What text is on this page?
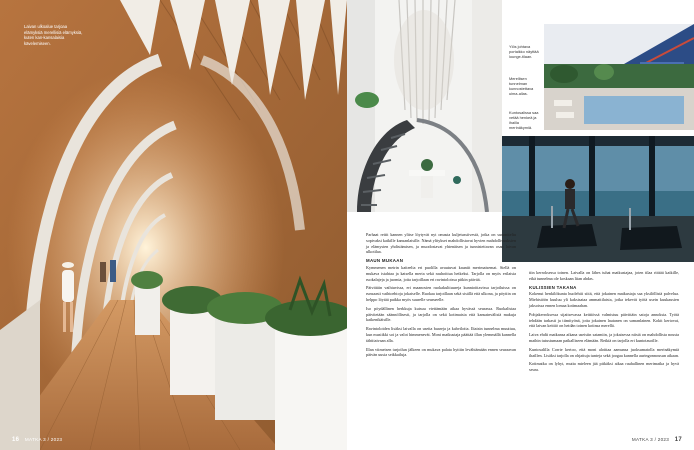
Laivan ulkoalue tarjoaa elämyksiä merellisiä elämyksiä, kuten kan-kansalaisia kävelemiseen.
16 MATKA 3 / 2023
Ylös johtava portaikko näyttää lounge-tilaan.
Merellisen tunnelman kunnostettava uima-allas.
Kuntosalissa saa vetää henkeä ja ihailla merinäkymiä.

Parhaat reitit kannen ylitse löytyvät nyt omasta kuljetussiivestä, jotka on suunniteltu sopivaksi kaikille kansanlaisille. Nämä ylitykset mahdollistavat hyvien mahdollisuuksien ja elämysten yhdistämisen, ja muodostavat yhtenäisen ja tunnistettavan osan laivan ulkotilaa.

MAUN MUKAAN

Kymmenen metrin kaiteelta eri puolilla avautuvat kauniit merimaisemat. Siellä on mukava istahtaa ja katsella merta sekä rauhoittua hetkeksi. Tarjolla on myös erilaisia ruokalajeja ja juomia, joita tarjoillaan eri ravintoloissa pitkin päivää.

Päivittäin vaihtuvissa, eri maanosien ruokakulttuureja kunnioittavissa tarjoiluissa on runsaasti vaihtoehtoja jokaiselle. Ruokaa tarjoillaan sekä sisällä että ulkona, ja pöytiin on helppo löytää paikka myös suurelle seurueelle.

Iso pöydällinen herkkuja kutsuu viettämään aikaa hyvässä seurassa. Ruokalistaa päivitetään säännöllisesti, ja tarjolla on sekä kotimaisia että kansainvälisiä makuja kaikenikäisille.

Ravintoloiden lisäksi laivalla on useita baareja ja kahviloita. Iltaisin tunnelma muuttuu, kun musiikki soi ja valot himmenevät. Moni matkustaja päättää illan ylemmällä kannella tähtitaivaan alla.

Illan viimeisen tarjoilun jälkeen on mukava palata hyttiin levähtämään ennen seuraavan päivän uusia seikkailuja.

tiin kerroksessa toinen. Laivalla on lähes tuhat matkustajaa, joten tilaa riittää kaikille, eikä tunnelma ole koskaan liian ahdas.

KULISSIEN TAKANA

Kokenut henkilökunta huolehtii siitä, että jokainen matkustaja saa yksilöllistä palvelua. Miehistöön kuuluu yli kaksisataa ammattilaista, jotka tekevät työtä usein kuukausien jaksoissa ennen lomaa kotimaahan.

Pohjakerroksessa sijaitsevassa keittiössä valmistuu päivittäin satoja annoksia. Työtä tehdään tarkasti ja tiimityönä, jotta jokainen lautanen on samanlainen. Kokit kertovat, että laivan keittiö on heidän toinen kotinsa merellä.

Laiva ehdii matkansa aikana useisiin satamiin, ja jokaisessa niistä on mahdollista nousta maihin tutustumaan paikalliseen elämään. Retkiä on tarjolla eri kuntotasoille.

Kuntosalilla Corrie kertoo, että moni aloittaa aamunsa juoksumatolla merinäkymiä ihaillen. Lisäksi tarjolla on ohjattuja tunteja sekä joogaa kannella auringonnousun aikaan.

Kotimatka on lyhyt, mutta mieleen jää pitkäksi aikaa rauhallinen merimatka ja hyvä seura.

MATKA 3 / 2023 17
